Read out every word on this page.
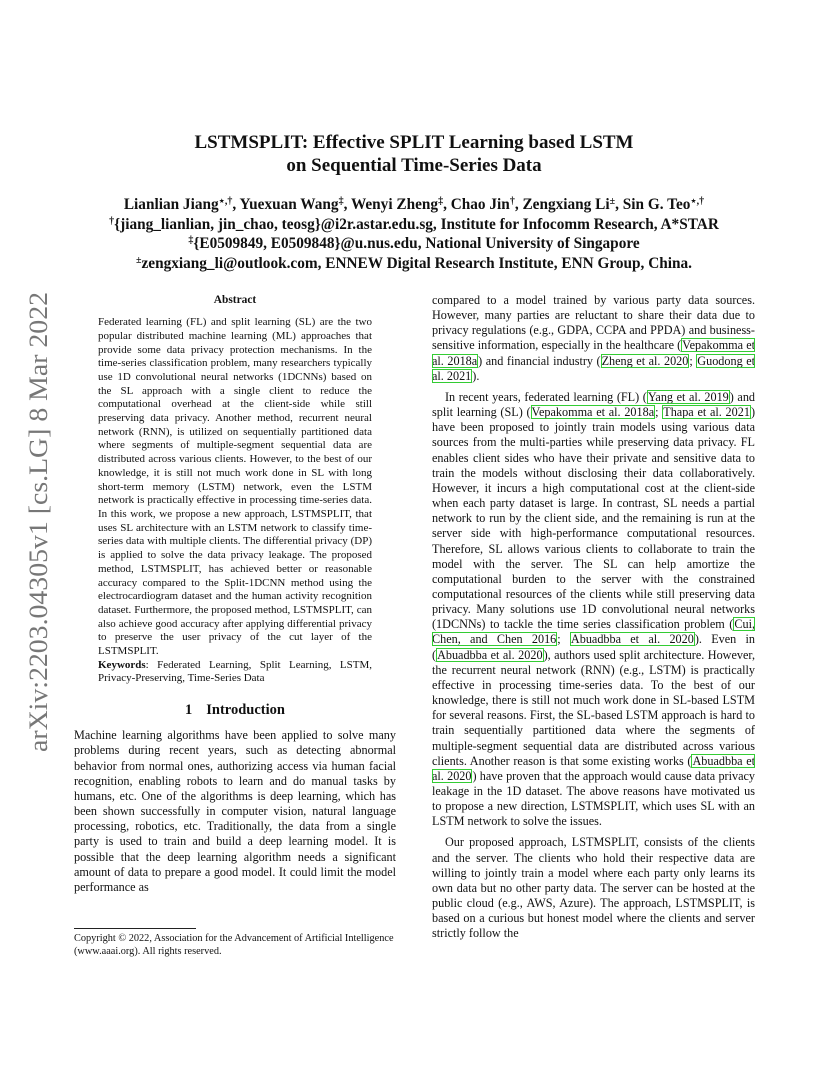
arXiv:2203.04305v1 [cs.LG] 8 Mar 2022
LSTMSPLIT: Effective SPLIT Learning based LSTM
on Sequential Time-Series Data
Lianlian Jiang⋆,†, Yuexuan Wang‡, Wenyi Zheng‡, Chao Jin†, Zengxiang Li±, Sin G. Teo⋆,†
†{jiang_lianlian, jin_chao, teosg}@i2r.astar.edu.sg, Institute for Infocomm Research, A*STAR
‡{E0509849, E0509848}@u.nus.edu, National University of Singapore
±zengxiang_li@outlook.com, ENNEW Digital Research Institute, ENN Group, China.
Abstract

Federated learning (FL) and split learning (SL) are the two popular distributed machine learning (ML) approaches that provide some data privacy protection mechanisms. In the time-series classification problem, many researchers typically use 1D convolutional neural networks (1DCNNs) based on the SL approach with a single client to reduce the computational overhead at the client-side while still preserving data privacy. Another method, recurrent neural network (RNN), is utilized on sequentially partitioned data where segments of multiple-segment sequential data are distributed across various clients. However, to the best of our knowledge, it is still not much work done in SL with long short-term memory (LSTM) network, even the LSTM network is practically effective in processing time-series data. In this work, we propose a new approach, LSTMSPLIT, that uses SL architecture with an LSTM network to classify time-series data with multiple clients. The differential privacy (DP) is applied to solve the data privacy leakage. The proposed method, LSTMSPLIT, has achieved better or reasonable accuracy compared to the Split-1DCNN method using the electrocardiogram dataset and the human activity recognition dataset. Furthermore, the proposed method, LSTMSPLIT, can also achieve good accuracy after applying differential privacy to preserve the user privacy of the cut layer of the LSTMSPLIT.

Keywords: Federated Learning, Split Learning, LSTM, Privacy-Preserving, Time-Series Data

1 Introduction

Machine learning algorithms have been applied to solve many problems during recent years, such as detecting abnormal behavior from normal ones, authorizing access via human facial recognition, enabling robots to learn and do manual tasks by humans, etc. One of the algorithms is deep learning, which has been shown successfully in computer vision, natural language processing, robotics, etc. Traditionally, the data from a single party is used to train and build a deep learning model. It is possible that the deep learning algorithm needs a significant amount of data to prepare a good model. It could limit the model performance as

Copyright © 2022, Association for the Advancement of Artificial Intelligence (www.aaai.org). All rights reserved.

compared to a model trained by various party data sources. However, many parties are reluctant to share their data due to privacy regulations (e.g., GDPA, CCPA and PPDA) and business-sensitive information, especially in the healthcare (Vepakomma et al. 2018a) and financial industry (Zheng et al. 2020; Guodong et al. 2021).

In recent years, federated learning (FL) (Yang et al. 2019) and split learning (SL) (Vepakomma et al. 2018a; Thapa et al. 2021) have been proposed to jointly train models using various data sources from the multi-parties while preserving data privacy. FL enables client sides who have their private and sensitive data to train the models without disclosing their data collaboratively. However, it incurs a high computational cost at the client-side when each party dataset is large. In contrast, SL needs a partial network to run by the client side, and the remaining is run at the server side with high-performance computational resources. Therefore, SL allows various clients to collaborate to train the model with the server. The SL can help amortize the computational burden to the server with the constrained computational resources of the clients while still preserving data privacy. Many solutions use 1D convolutional neural networks (1DCNNs) to tackle the time series classification problem (Cui, Chen, and Chen 2016; Abuadbba et al. 2020). Even in (Abuadbba et al. 2020), authors used split architecture. However, the recurrent neural network (RNN) (e.g., LSTM) is practically effective in processing time-series data. To the best of our knowledge, there is still not much work done in SL-based LSTM for several reasons. First, the SL-based LSTM approach is hard to train sequentially partitioned data where the segments of multiple-segment sequential data are distributed across various clients. Another reason is that some existing works (Abuadbba et al. 2020) have proven that the approach would cause data privacy leakage in the 1D dataset. The above reasons have motivated us to propose a new direction, LSTMSPLIT, which uses SL with an LSTM network to solve the issues.

Our proposed approach, LSTMSPLIT, consists of the clients and the server. The clients who hold their respective data are willing to jointly train a model where each party only learns its own data but no other party data. The server can be hosted at the public cloud (e.g., AWS, Azure). The approach, LSTMSPLIT, is based on a curious but honest model where the clients and server strictly follow the
